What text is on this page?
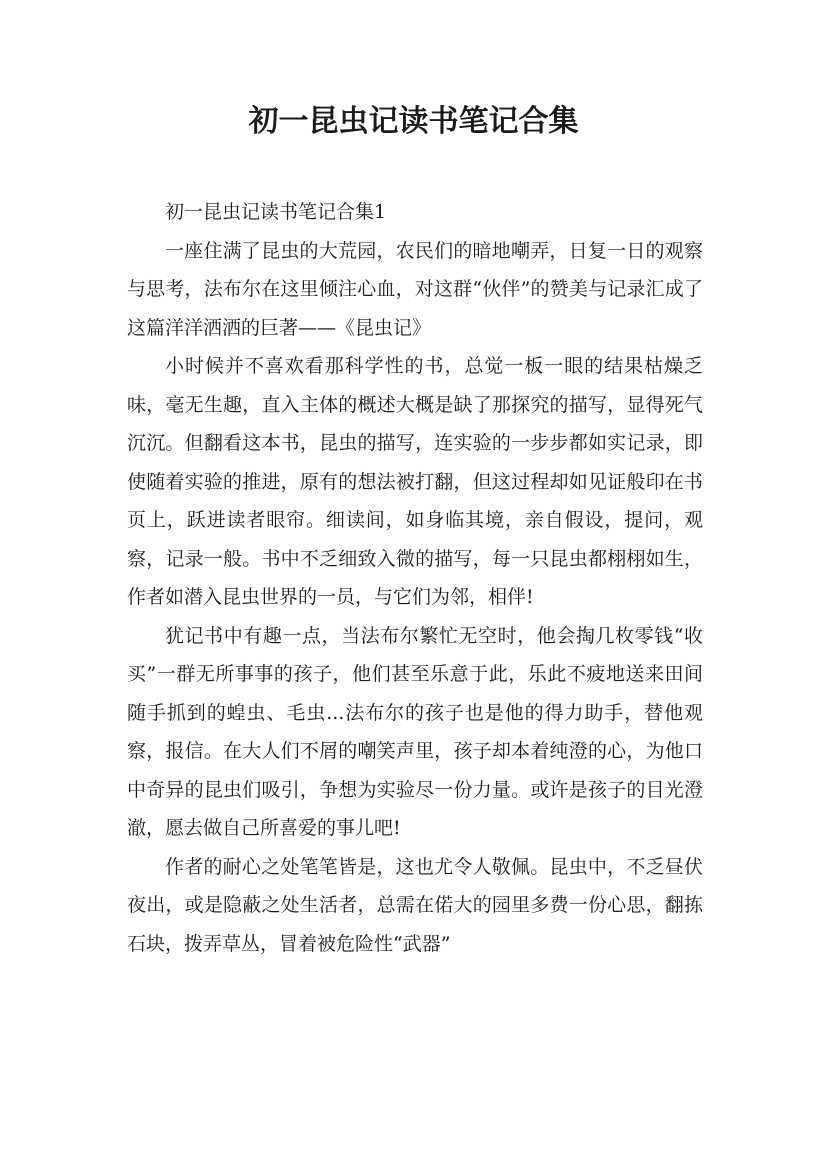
初一昆虫记读书笔记合集

初一昆虫记读书笔记合集1

一座住满了昆虫的大荒园，农民们的暗地嘲弄，日复一日的观察与思考，法布尔在这里倾注心血，对这群“伙伴”的赞美与记录汇成了这篇洋洋洒洒的巨著——《昆虫记》

小时候并不喜欢看那科学性的书，总觉一板一眼的结果枯燥乏味，毫无生趣，直入主体的概述大概是缺了那探究的描写，显得死气沉沉。但翻看这本书，昆虫的描写，连实验的一步步都如实记录，即使随着实验的推进，原有的想法被打翻，但这过程却如见证般印在书页上，跃进读者眼帘。细读间，如身临其境，亲自假设，提问，观察，记录一般。书中不乏细致入微的描写，每一只昆虫都栩栩如生，作者如潜入昆虫世界的一员，与它们为邻，相伴!

犹记书中有趣一点，当法布尔繁忙无空时，他会掏几枚零钱“收买”一群无所事事的孩子，他们甚至乐意于此，乐此不疲地送来田间随手抓到的蝗虫、毛虫...法布尔的孩子也是他的得力助手，替他观察，报信。在大人们不屑的嘲笑声里，孩子却本着纯澄的心，为他口中奇异的昆虫们吸引，争想为实验尽一份力量。或许是孩子的目光澄澈，愿去做自己所喜爱的事儿吧!

作者的耐心之处笔笔皆是，这也尤令人敬佩。昆虫中，不乏昼伏夜出，或是隐蔽之处生活者，总需在偌大的园里多费一份心思，翻拣石块，拨弄草丛，冒着被危险性“武器”
